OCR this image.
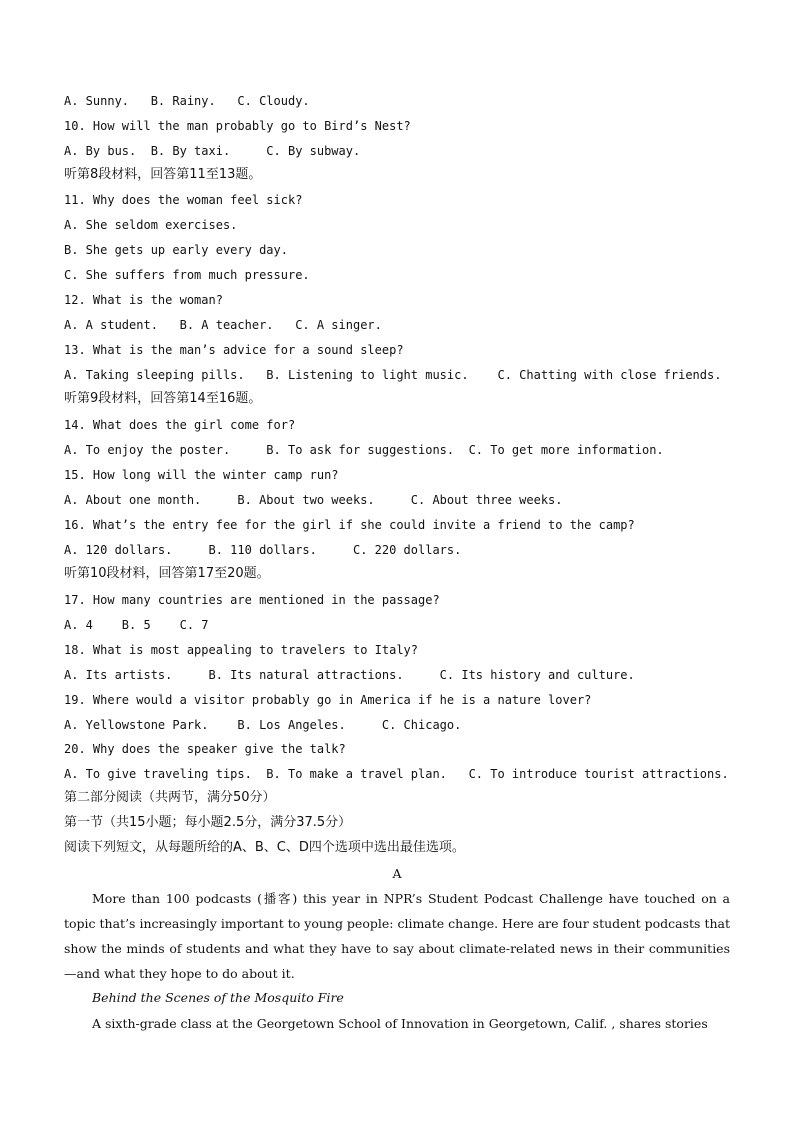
A. Sunny.   B. Rainy.   C. Cloudy.
10. How will the man probably go to Bird’s Nest?
A. By bus.  B. By taxi.     C. By subway.
听第8段材料，回答第11至13题。
11. Why does the woman feel sick?
A. She seldom exercises.
B. She gets up early every day.
C. She suffers from much pressure.
12. What is the woman?
A. A student.   B. A teacher.   C. A singer.
13. What is the man’s advice for a sound sleep?
A. Taking sleeping pills.   B. Listening to light music.    C. Chatting with close friends.
听第9段材料，回答第14至16题。
14. What does the girl come for?
A. To enjoy the poster.     B. To ask for suggestions.  C. To get more information.
15. How long will the winter camp run?
A. About one month.     B. About two weeks.     C. About three weeks.
16. What’s the entry fee for the girl if she could invite a friend to the camp?
A. 120 dollars.     B. 110 dollars.     C. 220 dollars.
听第10段材料，回答第17至20题。
17. How many countries are mentioned in the passage?
A. 4    B. 5    C. 7
18. What is most appealing to travelers to Italy?
A. Its artists.     B. Its natural attractions.     C. Its history and culture.
19. Where would a visitor probably go in America if he is a nature lover?
A. Yellowstone Park.    B. Los Angeles.     C. Chicago.
20. Why does the speaker give the talk?
A. To give traveling tips.  B. To make a travel plan.   C. To introduce tourist attractions.
第二部分阅读（共两节，满分50分）
第一节（共15小题；每小题2.5分，满分37.5分）
阅读下列短文，从每题所给的A、B、C、D四个选项中选出最佳选项。
A
More than 100 podcasts (播客) this year in NPR’s Student Podcast Challenge have touched on a topic that’s increasingly important to young people: climate change. Here are four student podcasts that show the minds of students and what they have to say about climate-related news in their communities—and what they hope to do about it.
Behind the Scenes of the Mosquito Fire
A sixth-grade class at the Georgetown School of Innovation in Georgetown, Calif. , shares stories
